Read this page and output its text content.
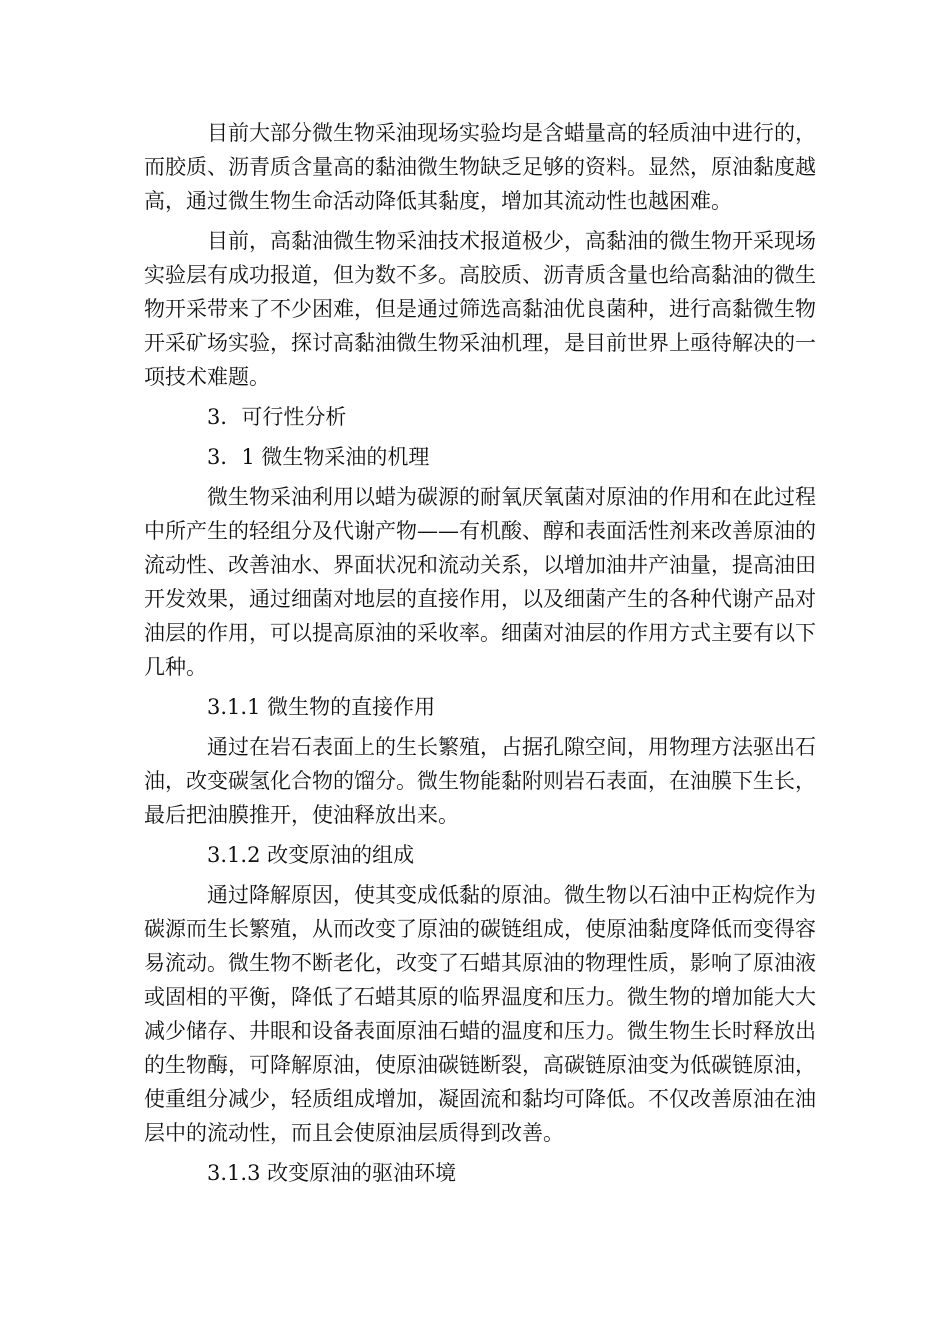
目前大部分微生物采油现场实验均是含蜡量高的轻质油中进行的，而胶质、沥青质含量高的黏油微生物缺乏足够的资料。显然，原油黏度越高，通过微生物生命活动降低其黏度，增加其流动性也越困难。

目前，高黏油微生物采油技术报道极少，高黏油的微生物开采现场实验层有成功报道，但为数不多。高胶质、沥青质含量也给高黏油的微生物开采带来了不少困难，但是通过筛选高黏油优良菌种，进行高黏微生物开采矿场实验，探讨高黏油微生物采油机理，是目前世界上亟待解决的一项技术难题。

3．可行性分析

3．1 微生物采油的机理

微生物采油利用以蜡为碳源的耐氧厌氧菌对原油的作用和在此过程中所产生的轻组分及代谢产物——有机酸、醇和表面活性剂来改善原油的流动性、改善油水、界面状况和流动关系，以增加油井产油量，提高油田开发效果，通过细菌对地层的直接作用，以及细菌产生的各种代谢产品对油层的作用，可以提高原油的采收率。细菌对油层的作用方式主要有以下几种。

3.1.1 微生物的直接作用

通过在岩石表面上的生长繁殖，占据孔隙空间，用物理方法驱出石油，改变碳氢化合物的馏分。微生物能黏附则岩石表面，在油膜下生长，最后把油膜推开，使油释放出来。

3.1.2 改变原油的组成

通过降解原因，使其变成低黏的原油。微生物以石油中正构烷作为碳源而生长繁殖，从而改变了原油的碳链组成，使原油黏度降低而变得容易流动。微生物不断老化，改变了石蜡其原油的物理性质，影响了原油液或固相的平衡，降低了石蜡其原的临界温度和压力。微生物的增加能大大减少储存、井眼和设备表面原油石蜡的温度和压力。微生物生长时释放出的生物酶，可降解原油，使原油碳链断裂，高碳链原油变为低碳链原油，使重组分减少，轻质组成增加，凝固流和黏均可降低。不仅改善原油在油层中的流动性，而且会使原油层质得到改善。

3.1.3 改变原油的驱油环境
